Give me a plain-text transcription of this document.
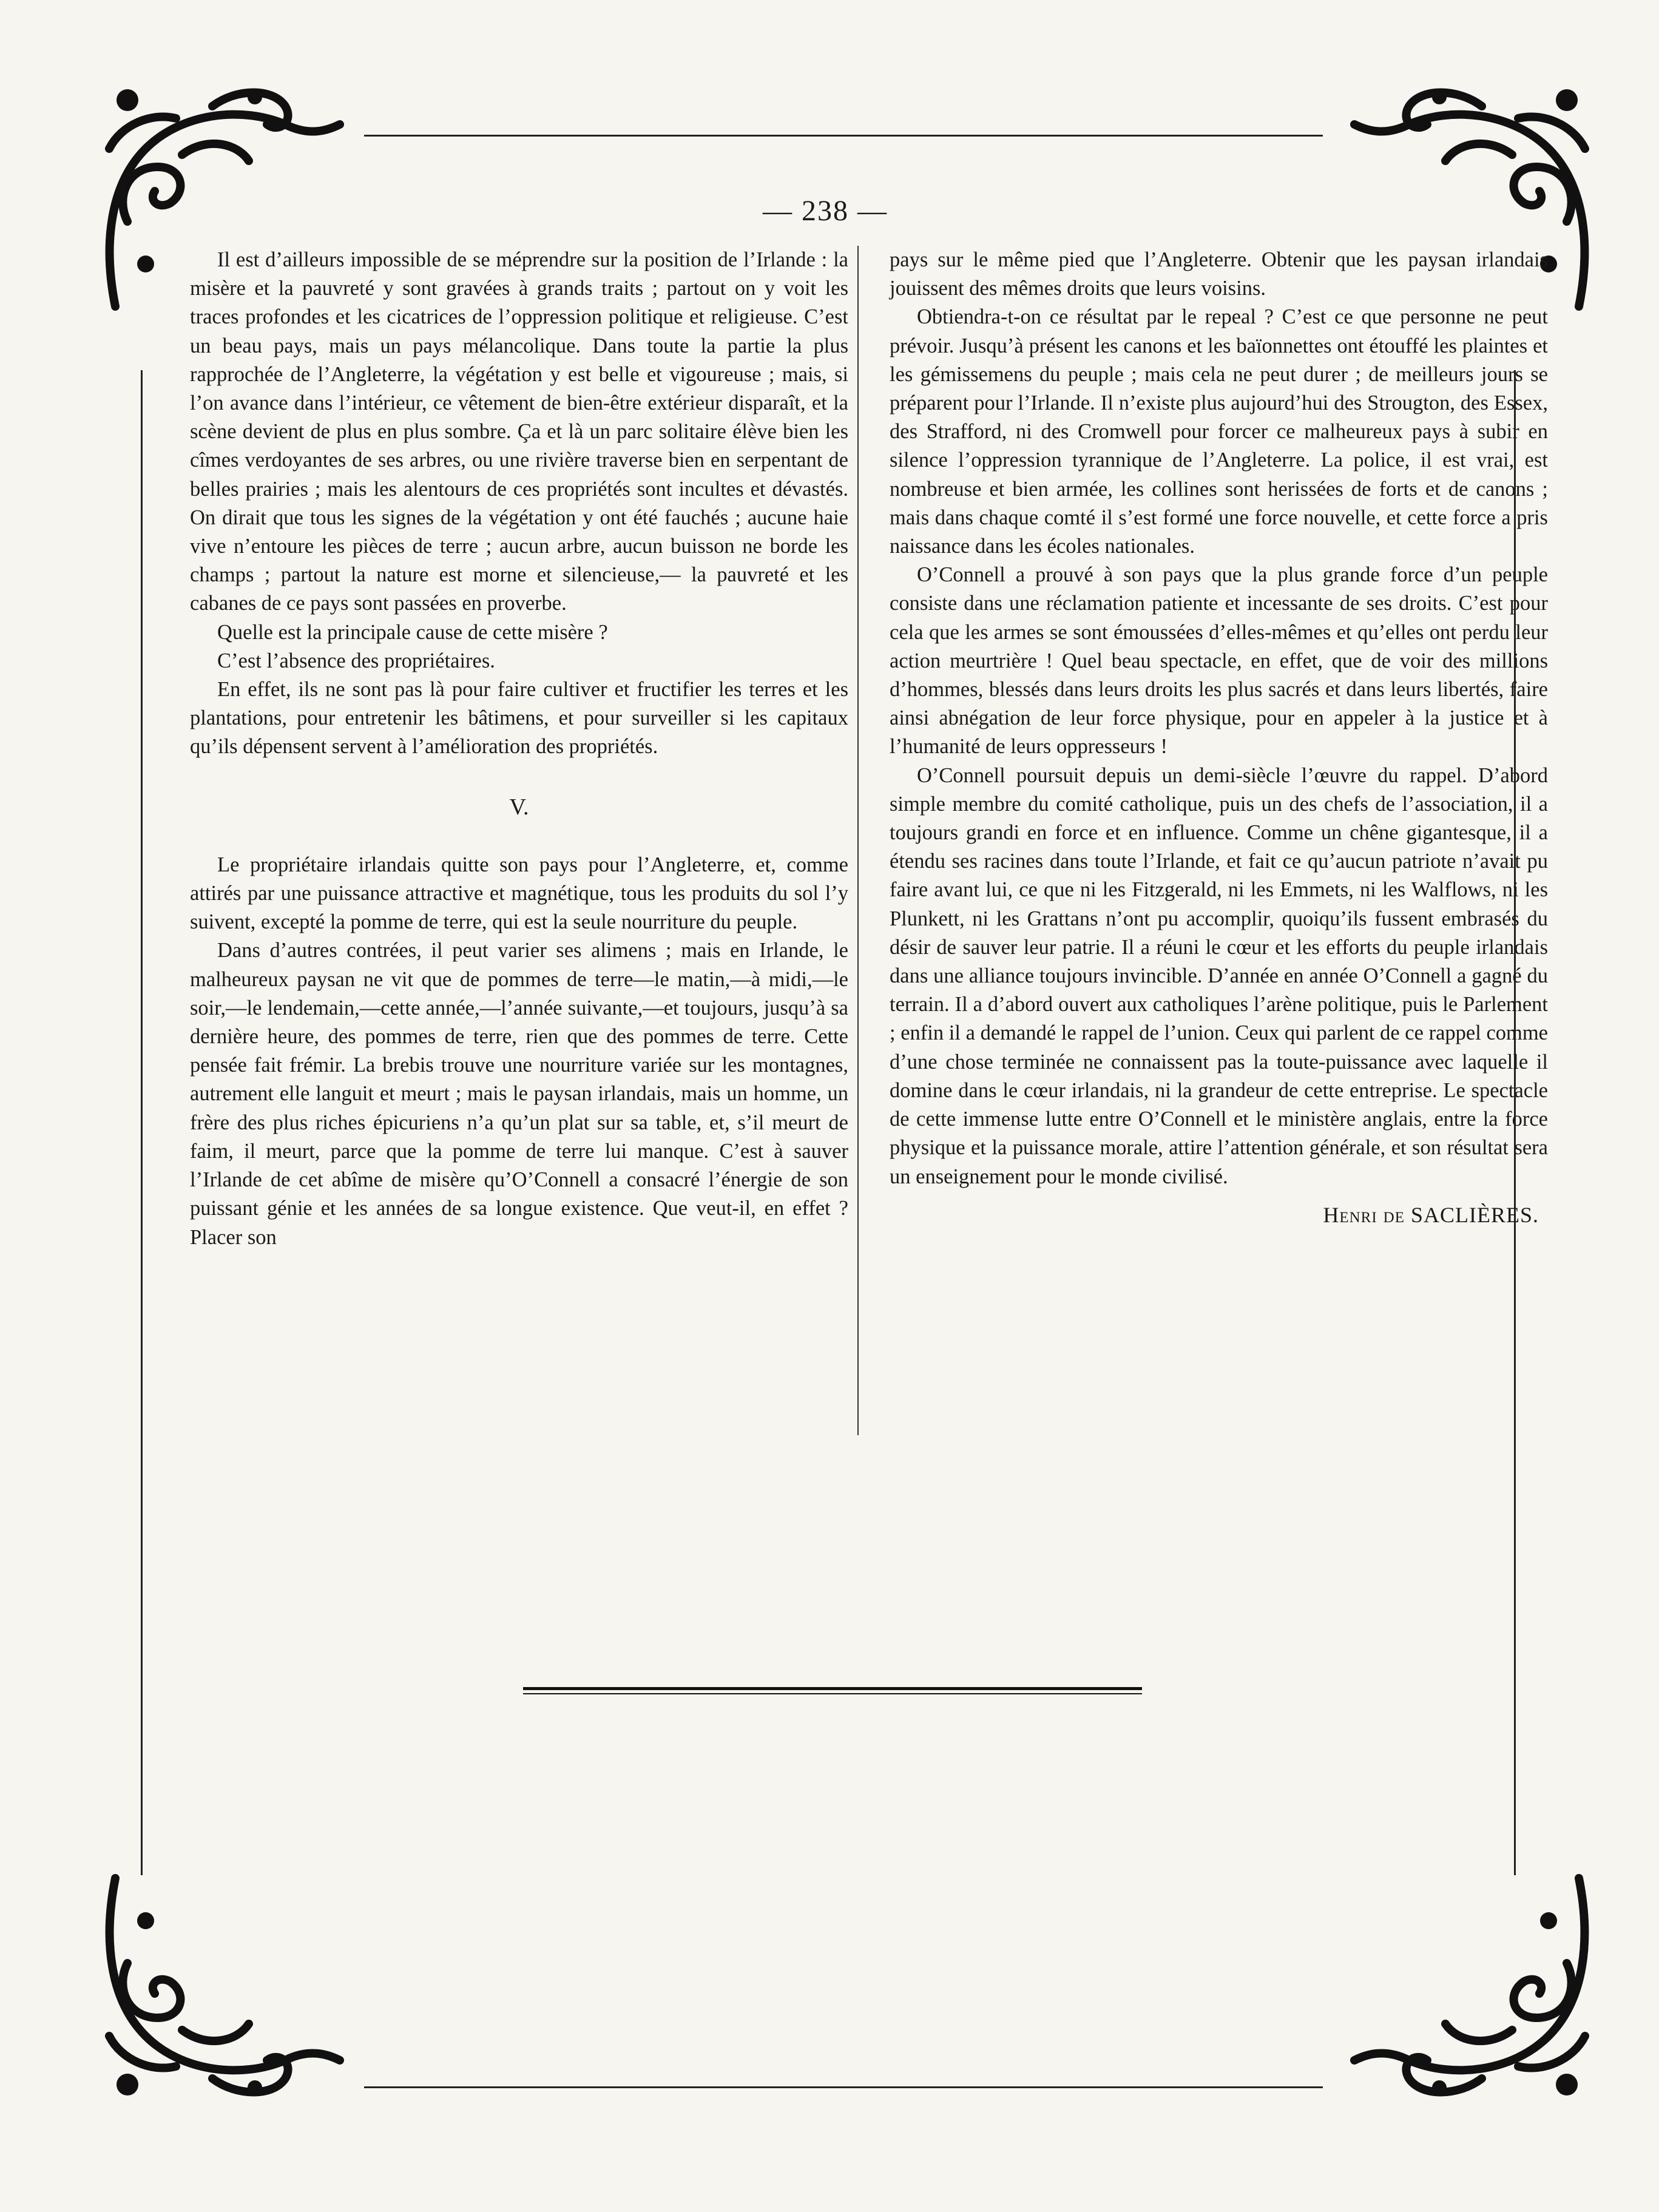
— 238 —

Il est d’ailleurs impossible de se méprendre sur la position de l’Irlande : la misère et la pauvreté y sont gravées à grands traits ; partout on y voit les traces profondes et les cicatrices de l’oppression politique et religieuse. C’est un beau pays, mais un pays mélancolique. Dans toute la partie la plus rapprochée de l’Angleterre, la végétation y est belle et vigoureuse ; mais, si l’on avance dans l’intérieur, ce vêtement de bien-être extérieur disparaît, et la scène devient de plus en plus sombre. Ça et là un parc solitaire élève bien les cîmes verdoyantes de ses arbres, ou une rivière traverse bien en serpentant de belles prairies ; mais les alentours de ces propriétés sont incultes et dévastés. On dirait que tous les signes de la végétation y ont été fauchés ; aucune haie vive n’entoure les pièces de terre ; aucun arbre, aucun buisson ne borde les champs ; partout la nature est morne et silencieuse,— la pauvreté et les cabanes de ce pays sont passées en proverbe.

Quelle est la principale cause de cette misère ?

C’est l’absence des propriétaires.

En effet, ils ne sont pas là pour faire cultiver et fructifier les terres et les plantations, pour entretenir les bâtimens, et pour surveiller si les capitaux qu’ils dépensent servent à l’amélioration des propriétés.

V.

Le propriétaire irlandais quitte son pays pour l’Angleterre, et, comme attirés par une puissance attractive et magnétique, tous les produits du sol l’y suivent, excepté la pomme de terre, qui est la seule nourriture du peuple.

Dans d’autres contrées, il peut varier ses alimens ; mais en Irlande, le malheureux paysan ne vit que de pommes de terre—le matin,—à midi,—le soir,—le lendemain,—cette année,—l’année suivante,—et toujours, jusqu’à sa dernière heure, des pommes de terre, rien que des pommes de terre. Cette pensée fait frémir. La brebis trouve une nourriture variée sur les montagnes, autrement elle languit et meurt ; mais le paysan irlandais, mais un homme, un frère des plus riches épicuriens n’a qu’un plat sur sa table, et, s’il meurt de faim, il meurt, parce que la pomme de terre lui manque. C’est à sauver l’Irlande de cet abîme de misère qu’O’Connell a consacré l’énergie de son puissant génie et les années de sa longue existence. Que veut-il, en effet ? Placer son

pays sur le même pied que l’Angleterre. Obtenir que les paysan irlandais jouissent des mêmes droits que leurs voisins.

Obtiendra-t-on ce résultat par le repeal ? C’est ce que personne ne peut prévoir. Jusqu’à présent les canons et les baïonnettes ont étouffé les plaintes et les gémissemens du peuple ; mais cela ne peut durer ; de meilleurs jours se préparent pour l’Irlande. Il n’existe plus aujourd’hui des Strougton, des Essex, des Strafford, ni des Cromwell pour forcer ce malheureux pays à subir en silence l’oppression tyrannique de l’Angleterre. La police, il est vrai, est nombreuse et bien armée, les collines sont herissées de forts et de canons ; mais dans chaque comté il s’est formé une force nouvelle, et cette force a pris naissance dans les écoles nationales.

O’Connell a prouvé à son pays que la plus grande force d’un peuple consiste dans une réclamation patiente et incessante de ses droits. C’est pour cela que les armes se sont émoussées d’elles-mêmes et qu’elles ont perdu leur action meurtrière ! Quel beau spectacle, en effet, que de voir des millions d’hommes, blessés dans leurs droits les plus sacrés et dans leurs libertés, faire ainsi abnégation de leur force physique, pour en appeler à la justice et à l’humanité de leurs oppresseurs !

O’Connell poursuit depuis un demi-siècle l’œuvre du rappel. D’abord simple membre du comité catholique, puis un des chefs de l’association, il a toujours grandi en force et en influence. Comme un chêne gigantesque, il a étendu ses racines dans toute l’Irlande, et fait ce qu’aucun patriote n’avait pu faire avant lui, ce que ni les Fitzgerald, ni les Emmets, ni les Walflows, ni les Plunkett, ni les Grattans n’ont pu accomplir, quoiqu’ils fussent embrasés du désir de sauver leur patrie. Il a réuni le cœur et les efforts du peuple irlandais dans une alliance toujours invincible. D’année en année O’Connell a gagné du terrain. Il a d’abord ouvert aux catholiques l’arène politique, puis le Parlement ; enfin il a demandé le rappel de l’union. Ceux qui parlent de ce rappel comme d’une chose terminée ne connaissent pas la toute-puissance avec laquelle il domine dans le cœur irlandais, ni la grandeur de cette entreprise. Le spectacle de cette immense lutte entre O’Connell et le ministère anglais, entre la force physique et la puissance morale, attire l’attention générale, et son résultat sera un enseignement pour le monde civilisé.

Henri de SACLIÈRES.
